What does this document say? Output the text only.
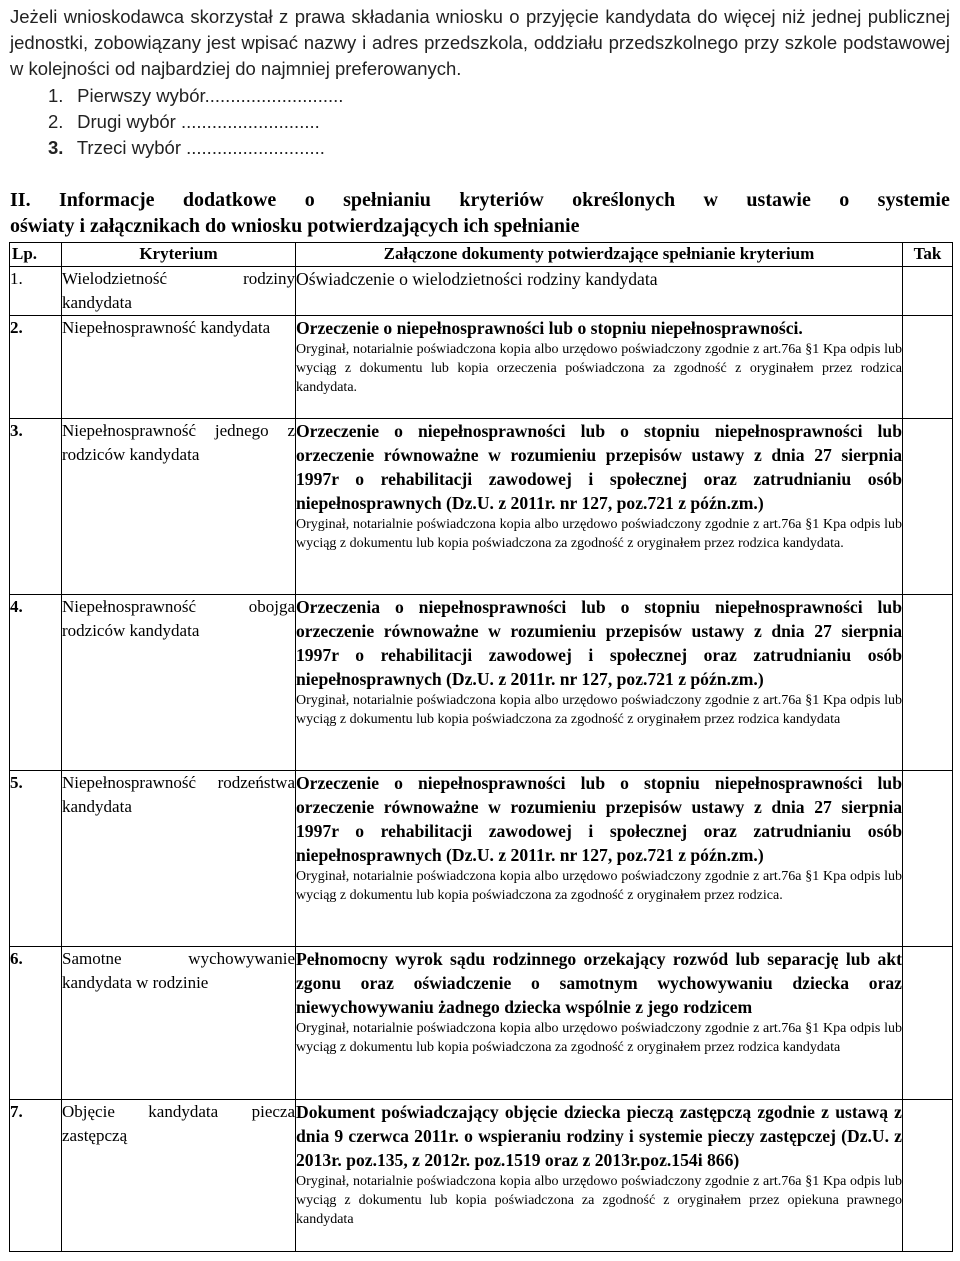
Jeżeli wnioskodawca skorzystał z prawa składania wniosku o przyjęcie kandydata do więcej niż jednej publicznej jednostki, zobowiązany jest wpisać nazwy i adres przedszkola, oddziału przedszkolnego przy szkole podstawowej w kolejności od najbardziej do najmniej preferowanych.

1. Pierwszy wybór...........................
2. Drugi wybór ...........................
3. Trzeci wybór ...........................
II. Informacje dodatkowe o spełnianiu kryteriów określonych w ustawie o systemie
oświaty i załącznikach do wniosku potwierdzających ich spełnianie
Lp.	Kryterium	Załączone dokumenty potwierdzające spełnianie kryterium	Tak
1.	Wielodzietność rodziny kandydata	Oświadczenie o wielodzietności rodziny kandydata	

2.	Niepełnosprawność kandydata	Orzeczenie o niepełnosprawności lub o stopniu niepełnosprawności.

Oryginał, notarialnie poświadczona kopia albo urzędowo poświadczony zgodnie z art.76a §1 Kpa odpis lub wyciąg z dokumentu lub kopia orzeczenia poświadczona za zgodność z oryginałem przez rodzica kandydata.	

3.	Niepełnosprawność jednego z rodziców kandydata	Orzeczenie o niepełnosprawności lub o stopniu niepełnosprawności lub orzeczenie równoważne w rozumieniu przepisów ustawy z dnia 27 sierpnia 1997r o rehabilitacji zawodowej i społecznej oraz zatrudnianiu osób niepełnosprawnych (Dz.U. z 2011r. nr 127, poz.721 z późn.zm.)

Oryginał, notarialnie poświadczona kopia albo urzędowo poświadczony zgodnie z art.76a §1 Kpa odpis lub wyciąg z dokumentu lub kopia poświadczona za zgodność z oryginałem przez rodzica kandydata.	

4.	Niepełnosprawność obojga rodziców kandydata	Orzeczenia o niepełnosprawności lub o stopniu niepełnosprawności lub orzeczenie równoważne w rozumieniu przepisów ustawy z dnia 27 sierpnia 1997r o rehabilitacji zawodowej i społecznej oraz zatrudnianiu osób niepełnosprawnych (Dz.U. z 2011r. nr 127, poz.721 z późn.zm.)

Oryginał, notarialnie poświadczona kopia albo urzędowo poświadczony zgodnie z art.76a §1 Kpa odpis lub wyciąg z dokumentu lub kopia poświadczona za zgodność z oryginałem przez rodzica kandydata	

5.	Niepełnosprawność rodzeństwa kandydata	Orzeczenie o niepełnosprawności lub o stopniu niepełnosprawności lub orzeczenie równoważne w rozumieniu przepisów ustawy z dnia 27 sierpnia 1997r o rehabilitacji zawodowej i społecznej oraz zatrudnianiu osób niepełnosprawnych (Dz.U. z 2011r. nr 127, poz.721 z późn.zm.)

Oryginał, notarialnie poświadczona kopia albo urzędowo poświadczony zgodnie z art.76a §1 Kpa odpis lub wyciąg z dokumentu lub kopia poświadczona za zgodność z oryginałem przez rodzica.	

6.	Samotne wychowywanie kandydata w rodzinie	Pełnomocny wyrok sądu rodzinnego orzekający rozwód lub separację lub akt zgonu oraz oświadczenie o samotnym wychowywaniu dziecka oraz niewychowywaniu żadnego dziecka wspólnie z jego rodzicem

Oryginał, notarialnie poświadczona kopia albo urzędowo poświadczony zgodnie z art.76a §1 Kpa odpis lub wyciąg z dokumentu lub kopia poświadczona za zgodność z oryginałem przez rodzica kandydata	

7.	Objęcie kandydata piecza zastępczą	Dokument poświadczający objęcie dziecka pieczą zastępczą zgodnie z ustawą z dnia 9 czerwca 2011r. o wspieraniu rodziny i systemie pieczy zastępczej (Dz.U. z 2013r. poz.135, z 2012r. poz.1519 oraz z 2013r.poz.154i 866)

Oryginał, notarialnie poświadczona kopia albo urzędowo poświadczony zgodnie z art.76a §1 Kpa odpis lub wyciąg z dokumentu lub kopia poświadczona za zgodność z oryginałem przez opiekuna prawnego kandydata	
